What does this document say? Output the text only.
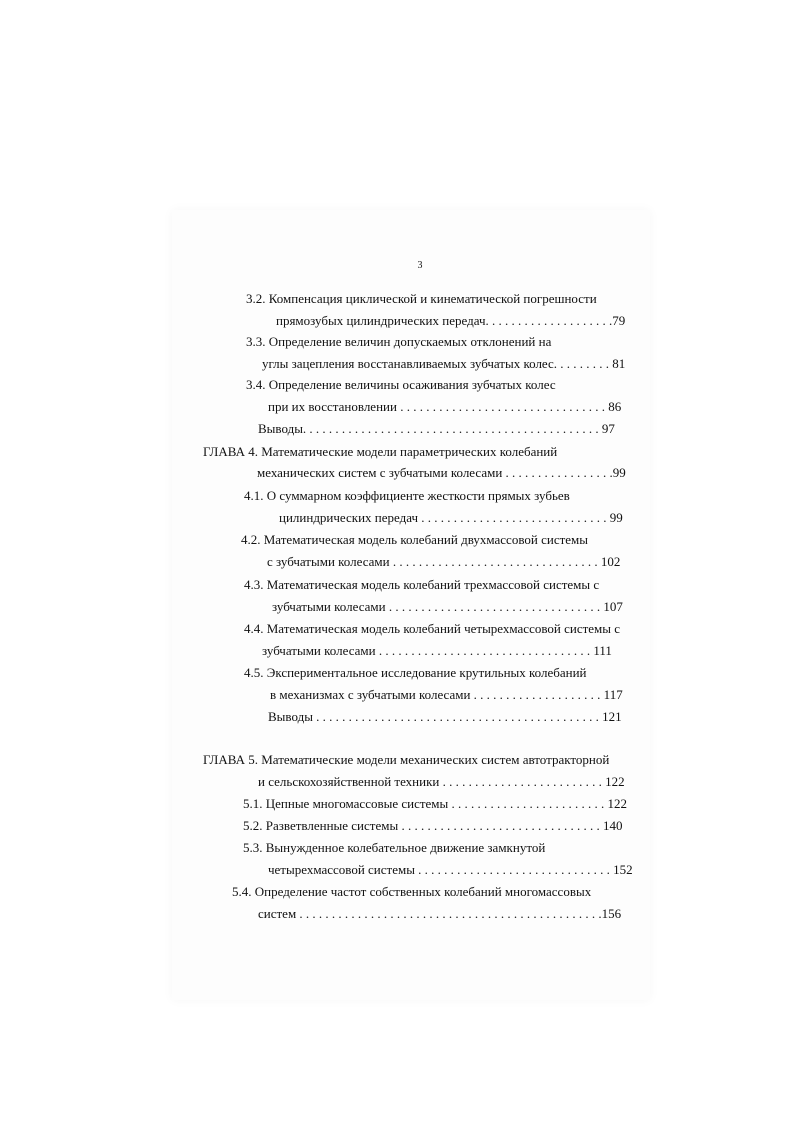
3
3.2. Компенсация циклической и кинематической погрешности
прямозубых цилиндрических передач. . . . . . . . . . . . . . . . . . . .79
3.3. Определение величин допускаемых отклонений на
углы зацепления восстанавливаемых зубчатых колес. . . . . . . . . 81
3.4. Определение величины осаживания зубчатых колес
при их восстановлении . . . . . . . . . . . . . . . . . . . . . . . . . . . . . . . . 86
Выводы. . . . . . . . . . . . . . . . . . . . . . . . . . . . . . . . . . . . . . . . . . . . . . 97
ГЛАВА 4. Математические модели параметрических колебаний
механических систем с зубчатыми колесами . . . . . . . . . . . . . . . . .99
4.1. О суммарном коэффициенте жесткости прямых зубьев
цилиндрических передач . . . . . . . . . . . . . . . . . . . . . . . . . . . . . 99
4.2. Математическая модель колебаний двухмассовой системы
с зубчатыми колесами . . . . . . . . . . . . . . . . . . . . . . . . . . . . . . . . 102
4.3. Математическая модель колебаний трехмассовой системы с
зубчатыми колесами . . . . . . . . . . . . . . . . . . . . . . . . . . . . . . . . . 107
4.4. Математическая модель колебаний четырехмассовой системы с
зубчатыми колесами . . . . . . . . . . . . . . . . . . . . . . . . . . . . . . . . . 111
4.5. Экспериментальное исследование крутильных колебаний
в механизмах с зубчатыми колесами . . . . . . . . . . . . . . . . . . . . 117
Выводы . . . . . . . . . . . . . . . . . . . . . . . . . . . . . . . . . . . . . . . . . . . . 121
ГЛАВА 5. Математические модели механических систем автотракторной
и сельскохозяйственной техники . . . . . . . . . . . . . . . . . . . . . . . . . 122
5.1. Цепные многомассовые системы . . . . . . . . . . . . . . . . . . . . . . . . 122
5.2. Разветвленные системы . . . . . . . . . . . . . . . . . . . . . . . . . . . . . . . 140
5.3. Вынужденное колебательное движение замкнутой
четырехмассовой системы . . . . . . . . . . . . . . . . . . . . . . . . . . . . . . 152
5.4. Определение частот собственных колебаний многомассовых
систем . . . . . . . . . . . . . . . . . . . . . . . . . . . . . . . . . . . . . . . . . . . . . . .156
